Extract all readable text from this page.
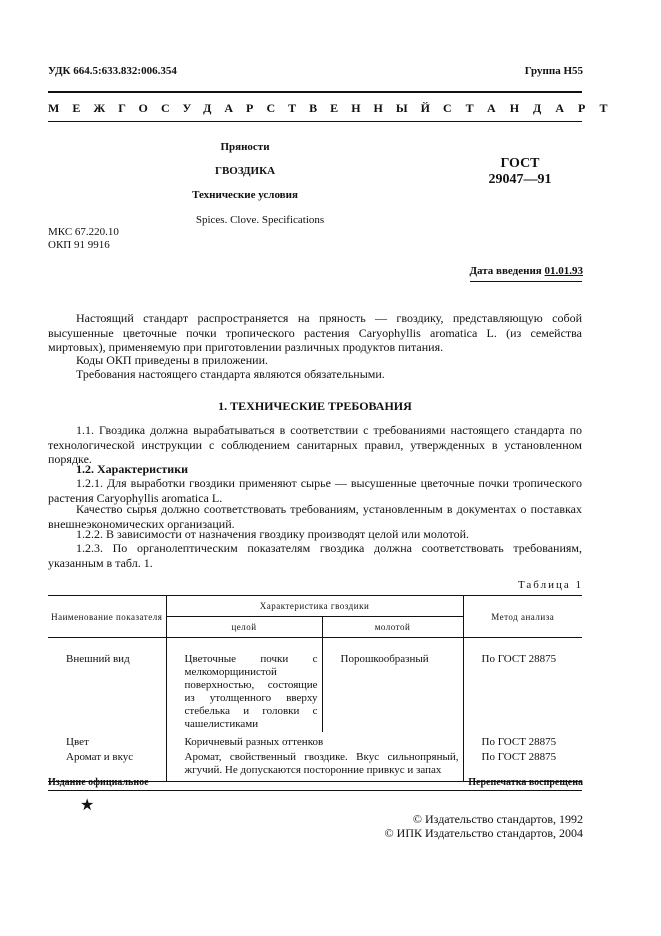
УДК 664.5:633.832:006.354	Группа Н55
МЕЖГОСУДАРСТВЕННЫЙ СТАНДАРТ
Пряности
ГВОЗДИКА
Технические условия
Spices. Clove. Specifications
ГОСТ
29047—91
МКС 67.220.10
ОКП 91 9916
Дата введения 01.01.93
Настоящий стандарт распространяется на пряность — гвоздику, представляющую собой высушенные цветочные почки тропического растения Caryophyllis aromatica L. (из семейства миртовых), применяемую при приготовлении различных продуктов питания.
Коды ОКП приведены в приложении.
Требования настоящего стандарта являются обязательными.
1. ТЕХНИЧЕСКИЕ ТРЕБОВАНИЯ
1.1. Гвоздика должна вырабатываться в соответствии с требованиями настоящего стандарта по технологической инструкции с соблюдением санитарных правил, утвержденных в установленном порядке.
1.2. Характеристики
1.2.1. Для выработки гвоздики применяют сырье — высушенные цветочные почки тропического растения Caryophyllis aromatica L.
Качество сырья должно соответствовать требованиям, установленным в документах о поставках внешнеэкономических организаций.
1.2.2. В зависимости от назначения гвоздику производят целой или молотой.
1.2.3. По органолептическим показателям гвоздика должна соответствовать требованиям, указанным в табл. 1.
Таблица 1
Наименование показателя	Характеристика гвоздики		Метод анализа
	целой	молотой	
Внешний вид	Цветочные почки с мелкоморщинистой поверхностью, состоящие из утолщенного вверху стебелька и головки с чашелистиками	Порошкообразный	По ГОСТ 28875
Цвет	Коричневый разных оттенков		По ГОСТ 28875
Аромат и вкус	Аромат, свойственный гвоздике. Вкус сильнопряный, жгучий. Не допускаются посторонние привкус и запах		По ГОСТ 28875
Издание официальное	Перепечатка воспрещена
★
© Издательство стандартов, 1992
© ИПК Издательство стандартов, 2004
